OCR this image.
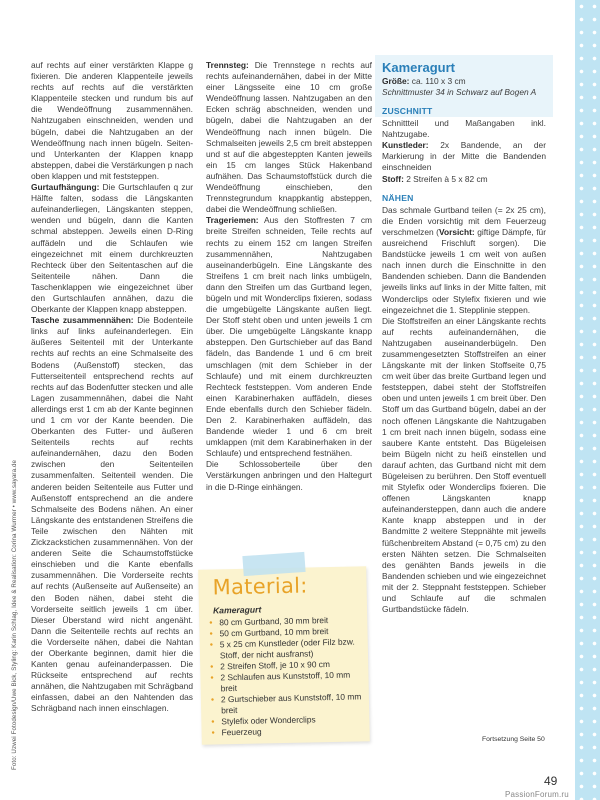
Foto: Uzwei Fotodesign/Uwe Bick, Styling: Karin Schlag, Idee & Realisation: Corina Wurmer • www.sayara.de

auf rechts auf einer verstärkten Klappe g fixieren. Die anderen Klappenteile jeweils rechts auf rechts auf die verstärkten Klappenteile stecken und rundum bis auf die Wendeöffnung zusammennähen. Nahtzugaben einschneiden, wenden und bügeln, dabei die Nahtzugaben an der Wendeöffnung nach innen bügeln. Seiten- und Unterkanten der Klappen knapp absteppen, dabei die Verstärkungen p nach oben klappen und mit feststeppen.

Gurtaufhängung: Die Gurtschlaufen q zur Hälfte falten, sodass die Längskanten aufeinanderliegen, Längskanten steppen, wenden und bügeln, dann die Kanten schmal absteppen. Jeweils einen D-Ring auffädeln und die Schlaufen wie eingezeichnet mit einem durchkreuzten Rechteck über den Seitentaschen auf die Seitenteile nähen. Dann die Taschenklappen wie eingezeichnet über den Gurtschlaufen annähen, dazu die Oberkante der Klappen knapp absteppen.

Tasche zusammennähen: Die Bodenteile links auf links aufeinanderlegen. Ein äußeres Seitenteil mit der Unterkante rechts auf rechts an eine Schmalseite des Bodens (Außenstoff) stecken, das Futterseitenteil entsprechend rechts auf rechts auf das Bodenfutter stecken und alle Lagen zusammennähen, dabei die Naht allerdings erst 1 cm ab der Kante beginnen und 1 cm vor der Kante beenden. Die Oberkanten des Futter- und äußeren Seitenteils rechts auf rechts aufeinandernähen, dazu den Boden zwischen den Seitenteilen zusammenfalten. Seitenteil wenden. Die anderen beiden Seitenteile aus Futter und Außenstoff entsprechend an die andere Schmalseite des Bodens nähen. An einer Längskante des entstandenen Streifens die Teile zwischen den Nähten mit Zickzackstichen zusammennähen. Von der anderen Seite die Schaumstoffstücke einschieben und die Kante ebenfalls zusammennähen. Die Vorderseite rechts auf rechts (Außenseite auf Außenseite) an den Boden nähen, dabei steht die Vorderseite seitlich jeweils 1 cm über. Dieser Überstand wird nicht angenäht. Dann die Seitenteile rechts auf rechts an die Vorderseite nähen, dabei die Nahtan der Oberkante beginnen, damit hier die Kanten genau aufeinanderpassen. Die Rückseite entsprechend auf rechts annähen, die Nahtzugaben mit Schrägband einfassen, dabei an den Nahtenden das Schrägband nach innen einschlagen.

Trennsteg: Die Trennstege n rechts auf rechts aufeinandernähen, dabei in der Mitte einer Längsseite eine 10 cm große Wendeöffnung lassen. Nahtzugaben an den Ecken schräg abschneiden, wenden und bügeln, dabei die Nahtzugaben an der Wendeöffnung nach innen bügeln. Die Schmalseiten jeweils 2,5 cm breit absteppen und st auf die abgesteppten Kanten jeweils ein 15 cm langes Stück Hakenband aufnähen. Das Schaumstoffstück durch die Wendeöffnung einschieben, den Trennstegrundum knappkantig absteppen, dabei die Wendeöffnung schließen.

Trageriemen: Aus den Stoffresten 7 cm breite Streifen schneiden, Teile rechts auf rechts zu einem 152 cm langen Streifen zusammennähen, Nahtzugaben auseinanderbügeln. Eine Längskante des Streifens 1 cm breit nach links umbügeln, dann den Streifen um das Gurtband legen, bügeln und mit Wonderclips fixieren, sodass die umgebügelte Längskante außen liegt. Der Stoff steht oben und unten jeweils 1 cm über. Die umgebügelte Längskante knapp absteppen. Den Gurtschieber auf das Band fädeln, das Bandende 1 und 6 cm breit umschlagen (mit dem Schieber in der Schlaufe) und mit einem durchkreuzten Rechteck feststeppen. Vom anderen Ende einen Karabinerhaken auffädeln, dieses Ende ebenfalls durch den Schieber fädeln. Den 2. Karabinerhaken auffädeln, das Bandende wieder 1 und 6 cm breit umklappen (mit dem Karabinerhaken in der Schlaufe) und entsprechend festnähen.

Die Schlossoberteile über den Verstärkungen anbringen und den Haltegurt in die D-Ringe einhängen.

Kameragurt
Größe: ca. 110 x 3 cm
Schnittmuster 34 in Schwarz auf Bogen A
ZUSCHNITT

Schnittteil und Maßangaben inkl. Nahtzugabe.

Kunstleder: 2x Bandende, an der Markierung in der Mitte die Bandenden einschneiden

Stoff: 2 Streifen à 5 x 82 cm

NÄHEN

Das schmale Gurtband teilen (= 2x 25 cm), die Enden vorsichtig mit dem Feuerzeug verschmelzen (Vorsicht: giftige Dämpfe, für ausreichend Frischluft sorgen). Die Bandstücke jeweils 1 cm weit von außen nach innen durch die Einschnitte in den Bandenden schieben. Dann die Bandenden jeweils links auf links in der Mitte falten, mit Wonderclips oder Stylefix fixieren und wie eingezeichnet die 1. Stepplinie steppen.

Die Stoffstreifen an einer Längskante rechts auf rechts aufeinandernähen, die Nahtzugaben auseinanderbügeln. Den zusammengesetzten Stoffstreifen an einer Längskante mit der linken Stoffseite 0,75 cm weit über das breite Gurtband legen und feststeppen, dabei steht der Stoffstreifen oben und unten jeweils 1 cm breit über. Den Stoff um das Gurtband bügeln, dabei an der noch offenen Längskante die Nahtzugaben 1 cm breit nach innen bügeln, sodass eine saubere Kante entsteht. Das Bügeleisen beim Bügeln nicht zu heiß einstellen und darauf achten, das Gurtband nicht mit dem Bügeleisen zu berühren. Den Stoff eventuell mit Stylefix oder Wonderclips fixieren. Die offenen Längskanten knapp aufeinandersteppen, dann auch die andere Kante knapp absteppen und in der Bandmitte 2 weitere Steppnähte mit jeweils füßchenbreitem Abstand (= 0,75 cm) zu den ersten Nähten setzen. Die Schmalseiten des genähten Bands jeweils in die Bandenden schieben und wie eingezeichnet mit der 2. Steppnaht feststeppen. Schieber und Schlaufe auf die schmalen Gurtbandstücke fädeln.

Material:
Kameragurt
• 80 cm Gurtband, 30 mm breit
• 50 cm Gurtband, 10 mm breit
• 5 x 25 cm Kunstleder (oder Filz bzw. Stoff, der nicht ausfranst)
• 2 Streifen Stoff, je 10 x 90 cm
• 2 Schlaufen aus Kunststoff, 10 mm breit
• 2 Gurtschieber aus Kunststoff, 10 mm breit
• Stylefix oder Wonderclips
• Feuerzeug
Fortsetzung Seite 50
49
PassionForum.ru
